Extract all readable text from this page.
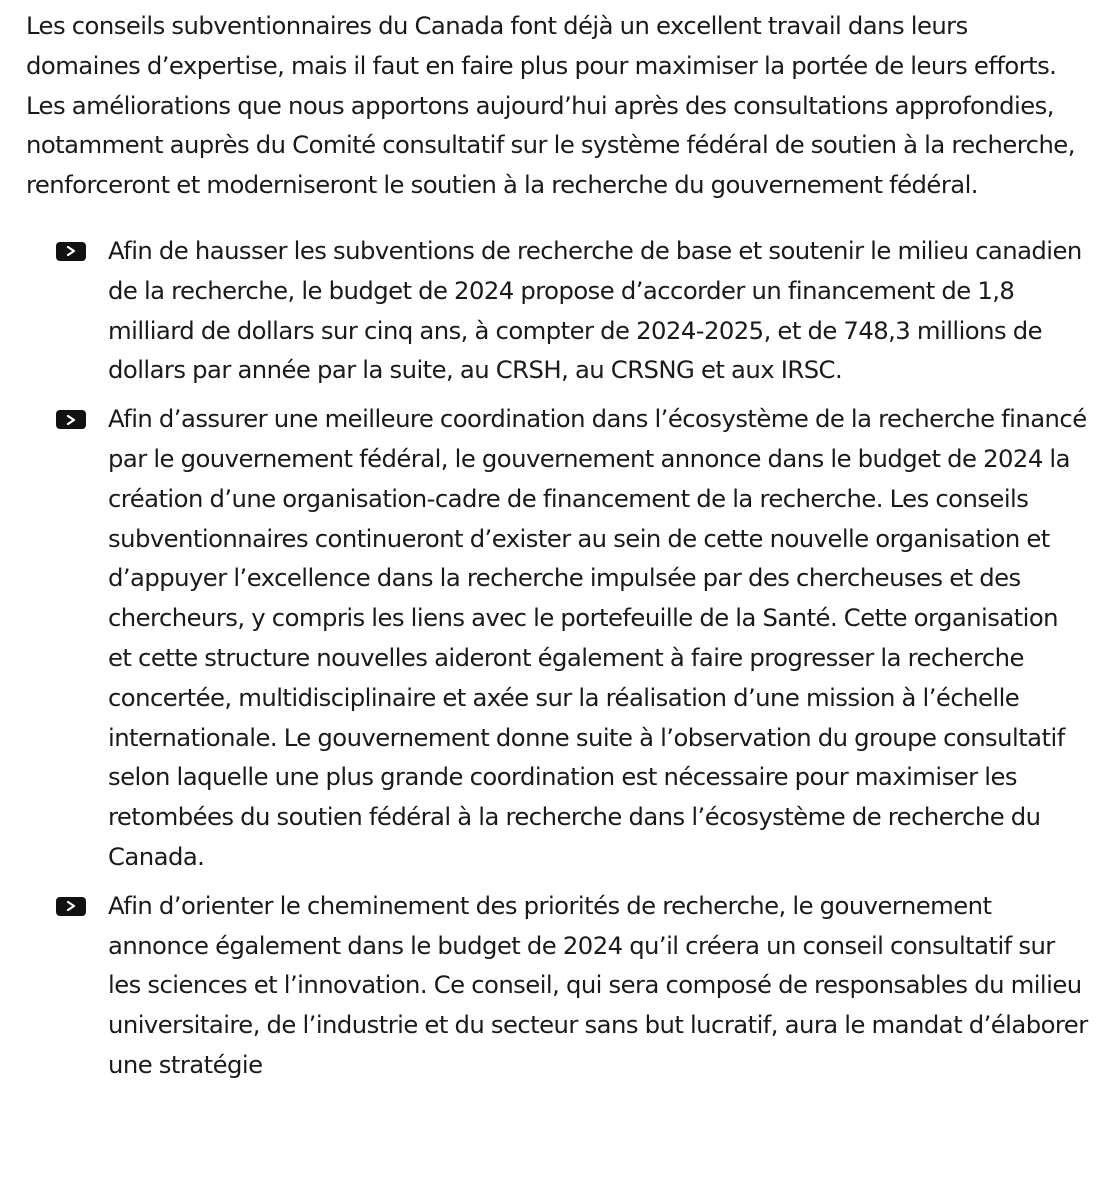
Les conseils subventionnaires du Canada font déjà un excellent travail dans leurs domaines d’expertise, mais il faut en faire plus pour maximiser la portée de leurs efforts. Les améliorations que nous apportons aujourd’hui après des consultations approfondies, notamment auprès du Comité consultatif sur le système fédéral de soutien à la recherche, renforceront et moderniseront le soutien à la recherche du gouvernement fédéral.

Afin de hausser les subventions de recherche de base et soutenir le milieu canadien de la recherche, le budget de 2024 propose d’accorder un financement de 1,8 milliard de dollars sur cinq ans, à compter de 2024-2025, et de 748,3 millions de dollars par année par la suite, au CRSH, au CRSNG et aux IRSC.
Afin d’assurer une meilleure coordination dans l’écosystème de la recherche financé par le gouvernement fédéral, le gouvernement annonce dans le budget de 2024 la création d’une organisation-cadre de financement de la recherche. Les conseils subventionnaires continueront d’exister au sein de cette nouvelle organisation et d’appuyer l’excellence dans la recherche impulsée par des chercheuses et des chercheurs, y compris les liens avec le portefeuille de la Santé. Cette organisation et cette structure nouvelles aideront également à faire progresser la recherche concertée, multidisciplinaire et axée sur la réalisation d’une mission à l’échelle internationale. Le gouvernement donne suite à l’observation du groupe consultatif selon laquelle une plus grande coordination est nécessaire pour maximiser les retombées du soutien fédéral à la recherche dans l’écosystème de recherche du Canada.
Afin d’orienter le cheminement des priorités de recherche, le gouvernement annonce également dans le budget de 2024 qu’il créera un conseil consultatif sur les sciences et l’innovation. Ce conseil, qui sera composé de responsables du milieu universitaire, de l’industrie et du secteur sans but lucratif, aura le mandat d’élaborer une stratégie
